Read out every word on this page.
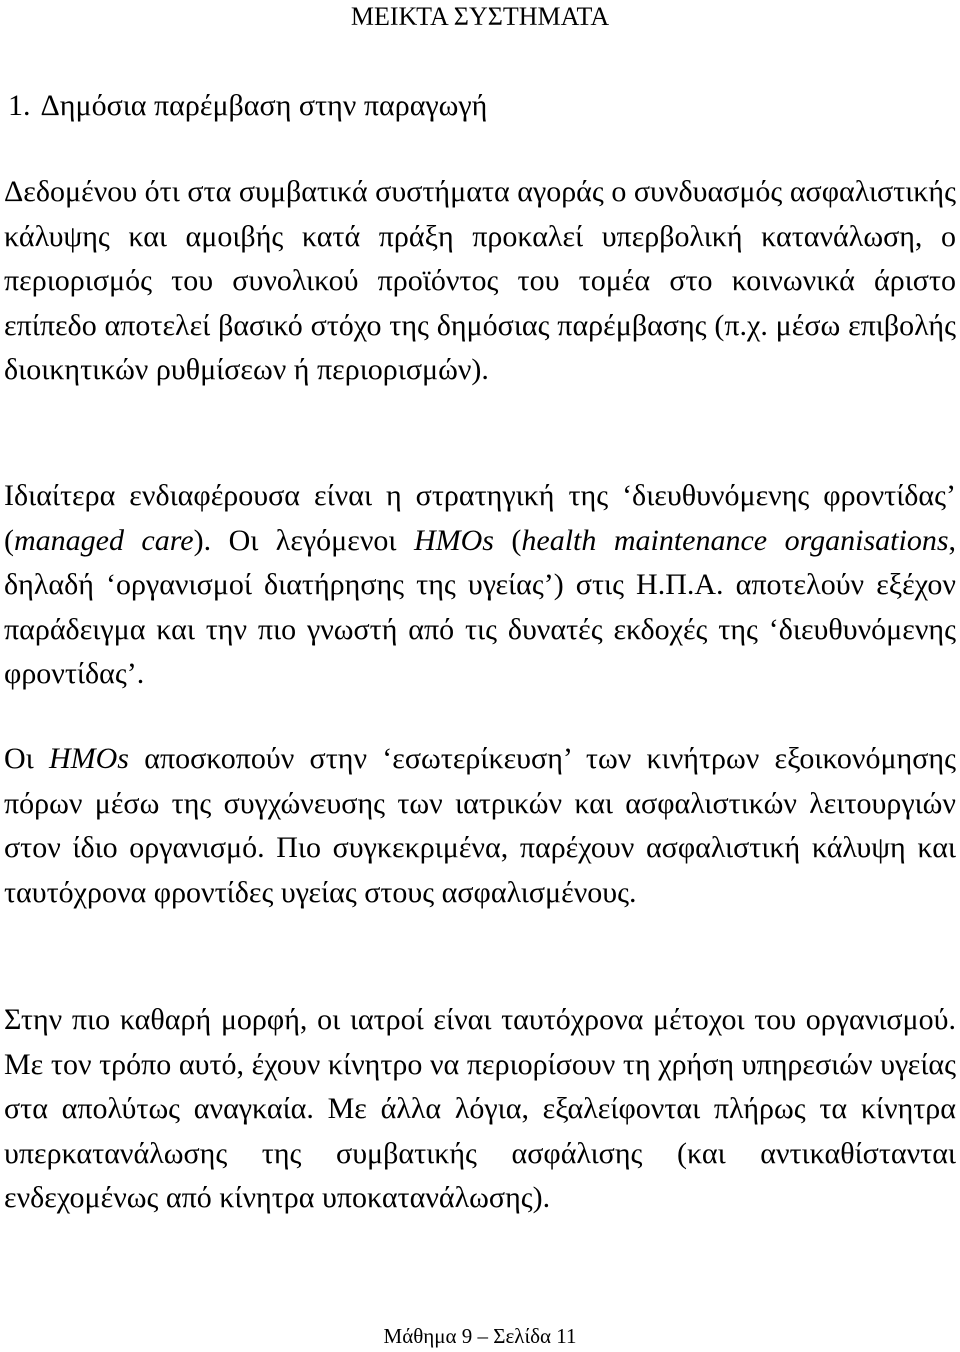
ΜΕΙΚΤΑ ΣΥΣΤΗΜΑΤΑ
1. Δημόσια παρέμβαση στην παραγωγή

Δεδομένου ότι στα συμβατικά συστήματα αγοράς ο συνδυασμός ασφαλιστικής κάλυψης και αμοιβής κατά πράξη προκαλεί υπερβολική κατανάλωση, ο περιορισμός του συνολικού προϊόντος του τομέα στο κοινωνικά άριστο επίπεδο αποτελεί βασικό στόχο της δημόσιας παρέμβασης (π.χ. μέσω επιβολής διοικητικών ρυθμίσεων ή περιορισμών).

Ιδιαίτερα ενδιαφέρουσα είναι η στρατηγική της ‘διευθυνόμενης φροντίδας’ (managed care). Οι λεγόμενοι HMOs (health maintenance organisations, δηλαδή ‘οργανισμοί διατήρησης της υγείας’) στις Η.Π.Α. αποτελούν εξέχον παράδειγμα και την πιο γνωστή από τις δυνατές εκδοχές της ‘διευθυνόμενης φροντίδας’.

Οι HMOs αποσκοπούν στην ‘εσωτερίκευση’ των κινήτρων εξοικονόμησης πόρων μέσω της συγχώνευσης των ιατρικών και ασφαλιστικών λειτουργιών στον ίδιο οργανισμό. Πιο συγκεκριμένα, παρέχουν ασφαλιστική κάλυψη και ταυτόχρονα φροντίδες υγείας στους ασφαλισμένους.

Στην πιο καθαρή μορφή, οι ιατροί είναι ταυτόχρονα μέτοχοι του οργανισμού. Με τον τρόπο αυτό, έχουν κίνητρο να περιορίσουν τη χρήση υπηρεσιών υγείας στα απολύτως αναγκαία. Με άλλα λόγια, εξαλείφονται πλήρως τα κίνητρα υπερκατανάλωσης της συμβατικής ασφάλισης (και αντικαθίστανται ενδεχομένως από κίνητρα υποκατανάλωσης).

Μάθημα 9 – Σελίδα 11
